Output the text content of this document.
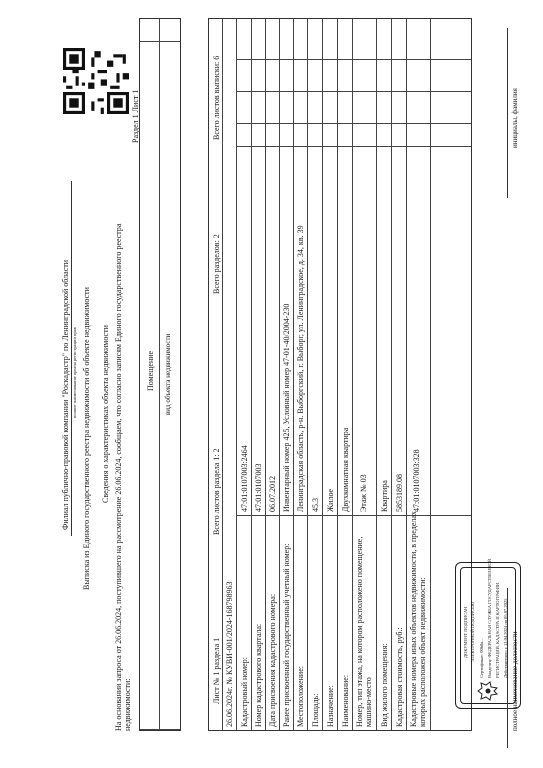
Филиал публично-правовой компании "Роскадастр" по Ленинградской области полное наименование органа регистрации прав Выписка из Единого государственного реестра недвижимости об объекте недвижимости Сведения о характеристиках объекта недвижимости На основании запроса от 26.06.2024, поступившего на рассмотрение 26.06.2024, сообщаем, что согласно записям Единого государственного реестра недвижимости:
Раздел 1 Лист 1
Помещение вид объекта недвижимости
Лист № 1 раздела 1
Всего листов раздела 1: 2
Всего разделов: 2
Всего листов выписки: 6
26.06.2024г. № КУВИ-001/2024-168798963 Кадастровый номер:
47:01:0107003:2464
Номер кадастрового квартала:
47:01:0107003
Дата присвоения кадастрового номера:
06.07.2012
Ранее присвоенный государственный учетный номер:
Инвентарный номер 425, Условный номер 47-01-40/2004-230
Местоположение:
Ленинградская область, р-н. Выборгский, г. Выборг, ул. Ленинградское, д. 34, кв. 39
Площадь:
45.3
Назначение:
Жилое
Наименование:
Двухкомнатная квартира
Номер, тип этажа, на котором расположено помещение, машино-место
Этаж № 03
Вид жилого помещения:
Квартира
Кадастровая стоимость, руб.:
5853189.08
Кадастровые номера иных объектов недвижимости, в пределах которых расположен объект недвижимости:
47:01:0107003:328
ДОКУМЕНТ ПОДПИСАН ЭЛЕКТРОННОЙ ПОДПИСЬЮ Сертификат: 00b0a... Владелец: ФЕДЕРАЛЬНАЯ СЛУЖБА ГОСУДАРСТВЕННОЙ РЕГИСТРАЦИИ, КАДАСТРА И КАРТОГРАФИИ Действителен: с 11.04.2024 по 05.07.2025 полное наименование должности
инициалы, фамилия
